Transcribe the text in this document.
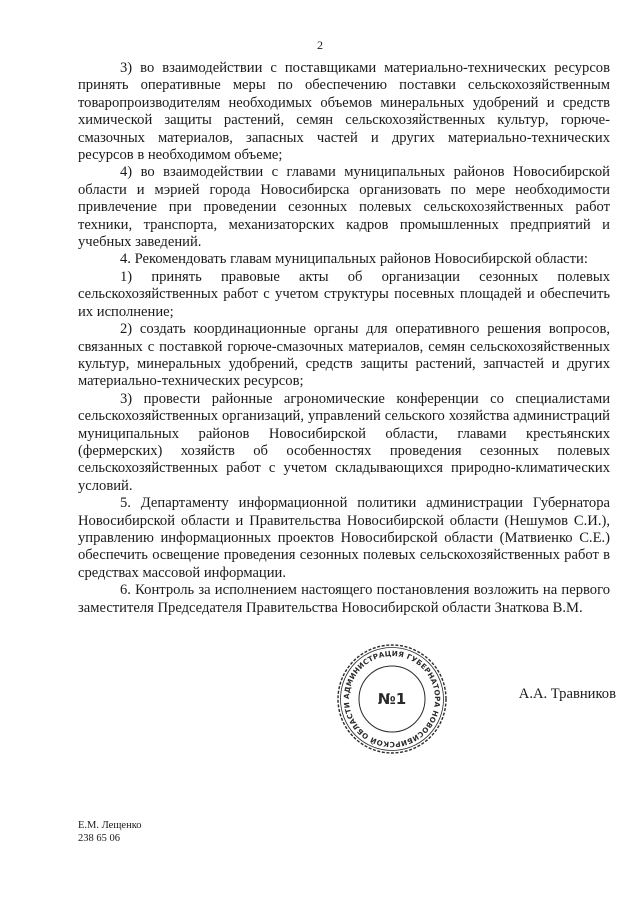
2

3) во взаимодействии с поставщиками материально-технических ресурсов принять оперативные меры по обеспечению поставки сельскохозяйственным товаропроизводителям необходимых объемов минеральных удобрений и средств химической защиты растений, семян сельскохозяйственных культур, горюче-смазочных материалов, запасных частей и других материально-технических ресурсов в необходимом объеме;

4) во взаимодействии с главами муниципальных районов Новосибирской области и мэрией города Новосибирска организовать по мере необходимости привлечение при проведении сезонных полевых сельскохозяйственных работ техники, транспорта, механизаторских кадров промышленных предприятий и учебных заведений.

4. Рекомендовать главам муниципальных районов Новосибирской области:

1) принять правовые акты об организации сезонных полевых сельскохозяйственных работ с учетом структуры посевных площадей и обеспечить их исполнение;

2) создать координационные органы для оперативного решения вопросов, связанных с поставкой горюче-смазочных материалов, семян сельскохозяйственных культур, минеральных удобрений, средств защиты растений, запчастей и других материально-технических ресурсов;

3) провести районные агрономические конференции со специалистами сельскохозяйственных организаций, управлений сельского хозяйства администраций муниципальных районов Новосибирской области, главами крестьянских (фермерских) хозяйств об особенностях проведения сезонных полевых сельскохозяйственных работ с учетом складывающихся природно-климатических условий.

5. Департаменту информационной политики администрации Губернатора Новосибирской области и Правительства Новосибирской области (Нешумов С.И.), управлению информационных проектов Новосибирской области (Матвиенко С.Е.) обеспечить освещение проведения сезонных полевых сельскохозяйственных работ в средствах массовой информации.

6. Контроль за исполнением настоящего постановления возложить на первого заместителя Председателя Правительства Новосибирской области Знаткова В.М.

АДМИНИСТРАЦИЯ ГУБЕРНАТОРА НОВОСИБИРСКОЙ ОБЛАСТИ	№1	А.А. Травников
Е.М. Лещенко
238 65 06
